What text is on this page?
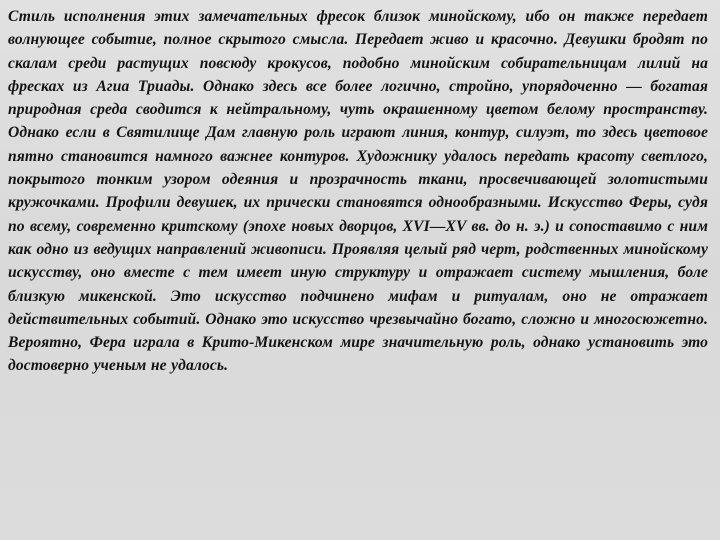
Стиль исполнения этих замечательных фресок близок минойскому, ибо он также передает волнующее событие, полное скрытого смысла. Передает живо и красочно. Девушки бродят по скалам среди растущих повсюду крокусов, подобно минойским собирательницам лилий на фресках из Агиа Триады. Однако здесь все более логично, стройно, упорядоченно — богатая природная среда сводится к нейтральному, чуть окрашенному цветом белому пространству. Однако если в Святилище Дам главную роль играют линия, контур, силуэт, то здесь цветовое пятно становится намного важнее контуров. Художнику удалось передать красоту светлого, покрытого тонким узором одеяния и прозрачность ткани, просвечивающей золотистыми кружочками. Профили девушек, их прически становятся однообразными. Искусство Феры, судя по всему, современно критскому (эпохе новых дворцов, XVI—XV вв. до н. э.) и сопоставимо с ним как одно из ведущих направлений живописи. Проявляя целый ряд черт, родственных минойскому искусству, оно вместе с тем имеет иную структуру и отражает систему мышления, боле близкую микенской. Это искусство подчинено мифам и ритуалам, оно не отражает действительных событий. Однако это искусство чрезвычайно богато, сложно и многосюжетно. Вероятно, Фера играла в Крито-Микенском мире значительную роль, однако установить это достоверно ученым не удалось.
